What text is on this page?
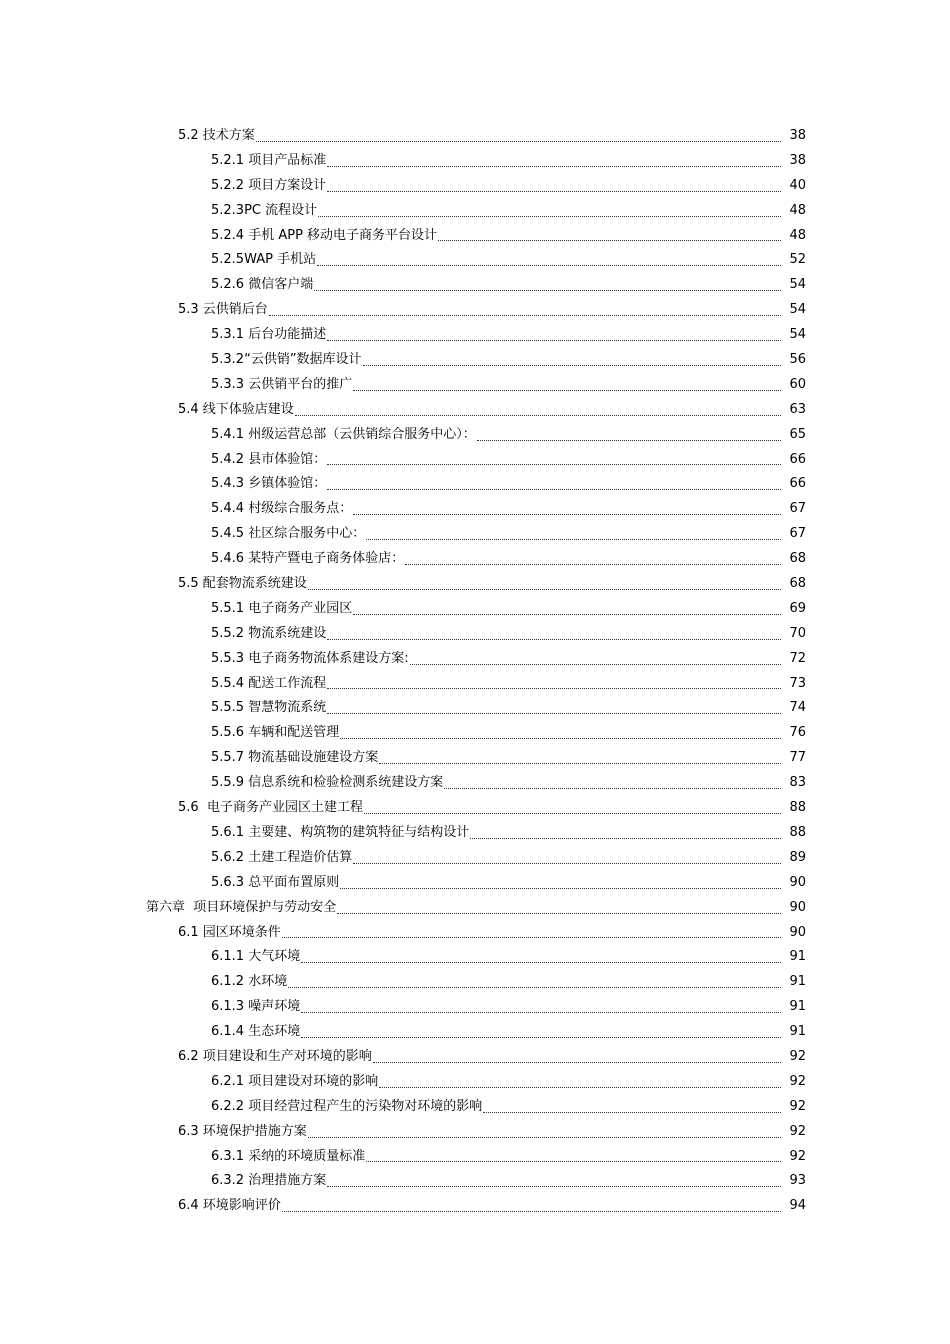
5.2 技术方案	38
5.2.1 项目产品标准	38
5.2.2 项目方案设计	40
5.2.3PC 流程设计	48
5.2.4 手机 APP 移动电子商务平台设计	48
5.2.5WAP 手机站	52
5.2.6 微信客户端	54
5.3 云供销后台	54
5.3.1 后台功能描述	54
5.3.2“云供销”数据库设计	56
5.3.3 云供销平台的推广	60
5.4 线下体验店建设	63
5.4.1 州级运营总部（云供销综合服务中心）：	65
5.4.2 县市体验馆：	66
5.4.3 乡镇体验馆：	66
5.4.4 村级综合服务点：	67
5.4.5 社区综合服务中心：	67
5.4.6 某特产暨电子商务体验店：	68
5.5 配套物流系统建设	68
5.5.1 电子商务产业园区	69
5.5.2 物流系统建设	70
5.5.3 电子商务物流体系建设方案:	72
5.5.4 配送工作流程	73
5.5.5 智慧物流系统	74
5.5.6 车辆和配送管理	76
5.5.7 物流基础设施建设方案	77
5.5.9 信息系统和检验检测系统建设方案	83
5.6  电子商务产业园区土建工程	88
5.6.1 主要建、构筑物的建筑特征与结构设计	88
5.6.2 土建工程造价估算	89
5.6.3 总平面布置原则	90
第六章  项目环境保护与劳动安全	90
6.1 园区环境条件	90
6.1.1 大气环境	91
6.1.2 水环境	91
6.1.3 噪声环境	91
6.1.4 生态环境	91
6.2 项目建设和生产对环境的影响	92
6.2.1 项目建设对环境的影响	92
6.2.2 项目经营过程产生的污染物对环境的影响	92
6.3 环境保护措施方案	92
6.3.1 采纳的环境质量标准	92
6.3.2 治理措施方案	93
6.4 环境影响评价	94
